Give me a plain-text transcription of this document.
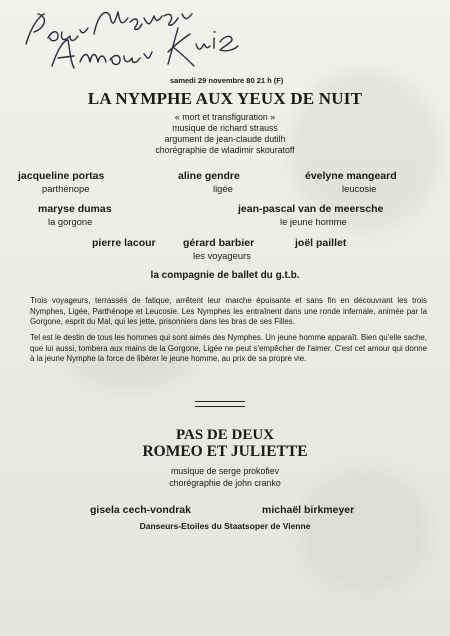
samedi 29 novembre 80 21 h (F)
LA NYMPHE AUX YEUX DE NUIT
« mort et transfiguration »
musique de richard strauss
argument de jean-claude dutilh
chorégraphie de wladimir skouratoff
jacqueline portas
parthénope
aline gendre
ligée
évelyne mangeard
leucosie
maryse dumas
la gorgone
jean-pascal van de meersche
le jeune homme
pierre lacour	gérard barbier
les voyageurs
joël paillet
la compagnie de ballet du g.t.b.
Trois voyageurs, terrassés de fatique, arrêtent leur marche épuisante et sans fin en découvrant les trois Nymphes, Ligée, Parthénope et Leucosie. Les Nymphes les entraînent dans une ronde infernale, animée par la Gorgone, esprit du Mal, qui les jette, prisonniers dans les bras de ses Filles.
Tel est le destin de tous les hommes qui sont aimés des Nymphes. Un jeune homme apparaît. Bien qu'elle sache, que lui aussi, tombera aux mains de la Gorgone, Ligée ne peut s'empêcher de l'aimer. C'est cet amour qui donne à la jeune Nymphe la force de libérer le jeune homme, au prix de sa propre vie.
PAS DE DEUX
ROMEO ET JULIETTE
musique de serge prokofiev
chorégraphie de john cranko
gisela cech-vondrak	michaël birkmeyer
Danseurs-Etoiles du Staatsoper de Vienne
